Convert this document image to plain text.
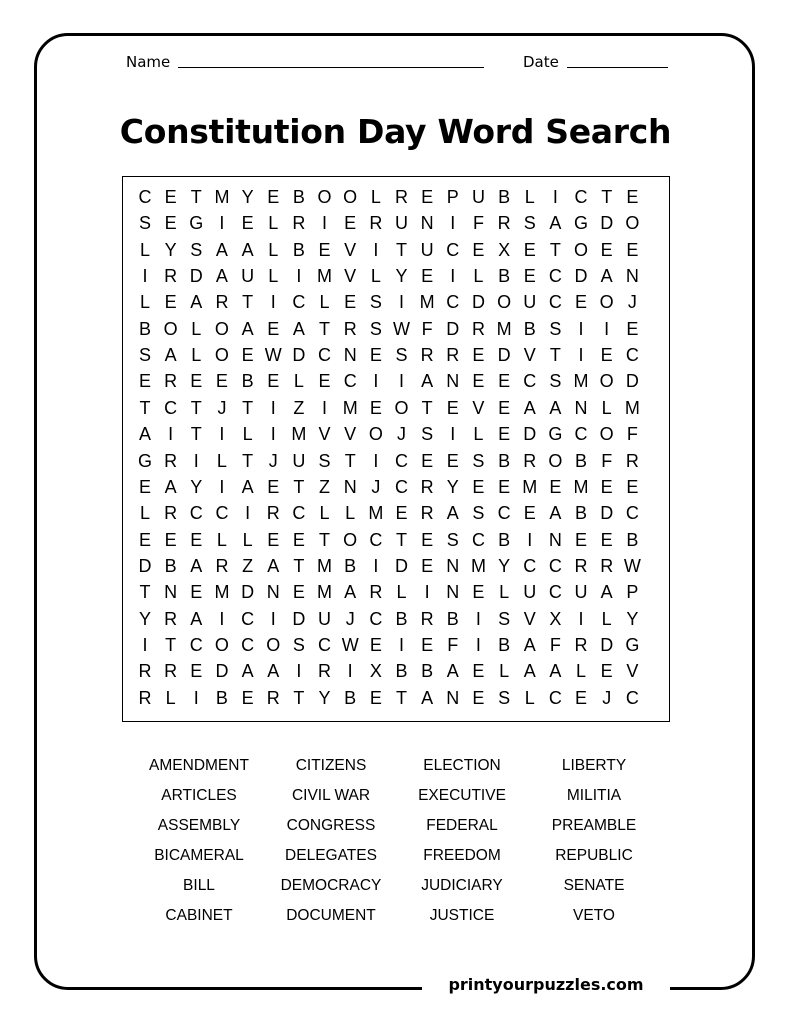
Name	Date
Constitution Day Word Search
C E T M Y E B O O L R E P U B L	I C T E
S E G I E L R I E R U N I F R S A G D O
L Y S A A L B E V I T U C E X E T O E E
I R D A U L	I M V L Y E I	L B E C D A N
L E A R T I C L E S I M C D O U C E O J
B O L O A E A T R S W F D R M B S I	I E
S A L O E W D C N E S R R E D V T I E C
E R E E B E L E C I	I A N E E C S M O D
T C T J T I Z I M E O T E V E A A N L M
A I T I	L	I M V V O J S I	L E D G C O F
G R I	L T J U S T I C E E S B R O B F R
E A Y I A E T Z N J C R Y E E M E M E E
L R C C I R C L L M E R A S C E A B D C
E E E L L E E T O C T E S C B I N E E B
D B A R Z A T M B I D E N M Y C C R R W
T N E M D N E M A R L	I N E L U C U A P
Y R A I C I D U J C B R B I S V X I	L Y
I T C O C O S C W E I E F I B A F R D G
R R E D A A I R I X B B A E L A A L E V
R L	I B E R T Y B E T A N E S L C E J C
AMENDMENT	CITIZENS	ELECTION	LIBERTY
ARTICLES	CIVIL WAR	EXECUTIVE	MILITIA
ASSEMBLY	CONGRESS	FEDERAL	PREAMBLE
BICAMERAL	DELEGATES	FREEDOM	REPUBLIC
BILL	DEMOCRACY	JUDICIARY	SENATE
CABINET	DOCUMENT	JUSTICE	VETO
printyourpuzzles.com
